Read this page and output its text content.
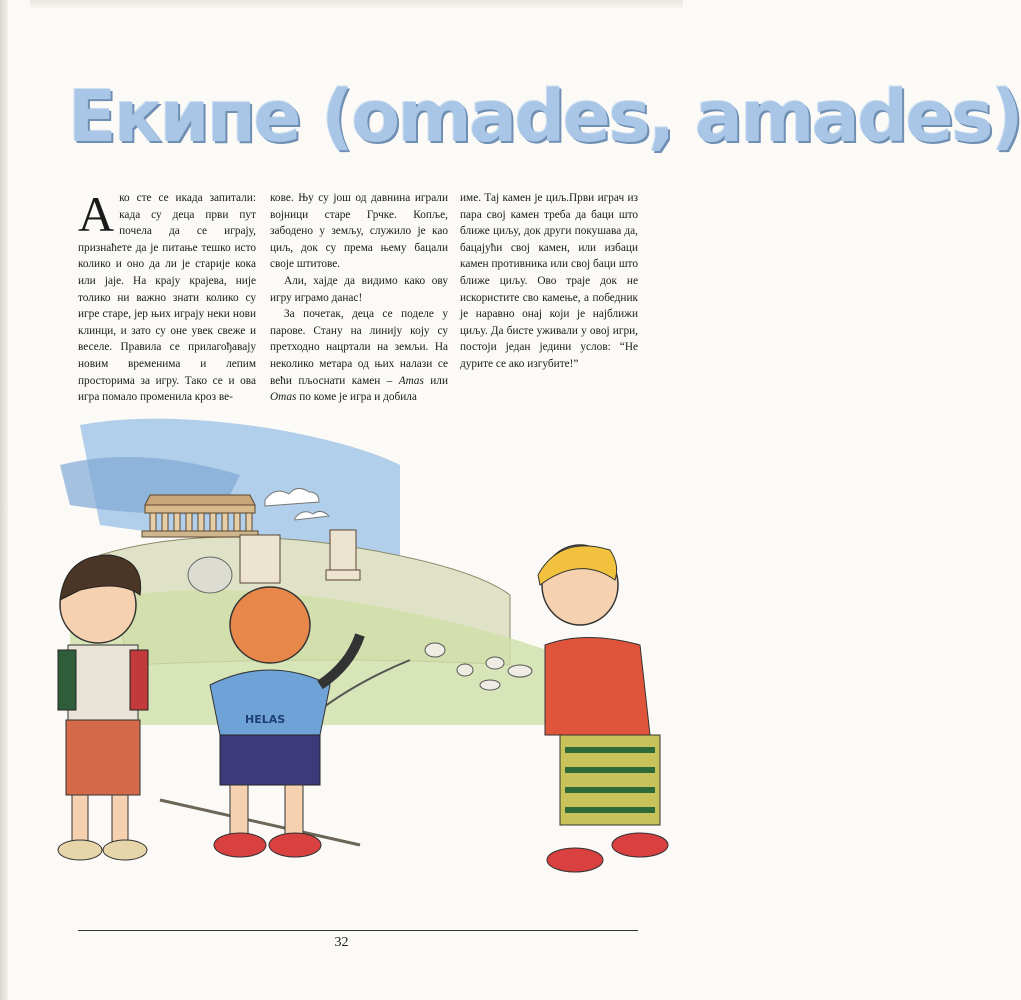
Екипе (omades, amades)

Ако сте се икада запитали: када су деца први пут почела да се играју, признаћете да је питање тешко исто колико и оно да ли је старије кока или јаје. На крају крајева, није толико ни важно знати колико су игре старе, јер њих играју неки нови клинци, и зато су оне увек свеже и веселе. Правила се прилагођавају новим временима и лепим просторима за игру. Тако се и ова игра помало променила кроз ве-

кове. Њу су још од давнина играли војници старе Грчке. Копље, забодено у земљу, служило је као циљ, док су према њему бацали своје штитове.

Али, хајде да видимо како ову игру играмо данас!

За почетак, деца се поделе у парове. Стану на линију коју су претходно нацртали на земљи. На неколико метара од њих налази се већи пљоснати камен – Amas или Omas по коме је игра и добила

име. Тај камен је циљ.Први играч из пара свој камен треба да баци што ближе циљу, док други покушава да, бацајући свој камен, или избаци камен противника или свој баци што ближе циљу. Ово траје док не искористите сво камење, а победник је наравно онај који је најближи циљу. Да бисте уживали у овој игри, постоји један једини услов: “Не дурите се ако изгубите!”

HELAS
32
